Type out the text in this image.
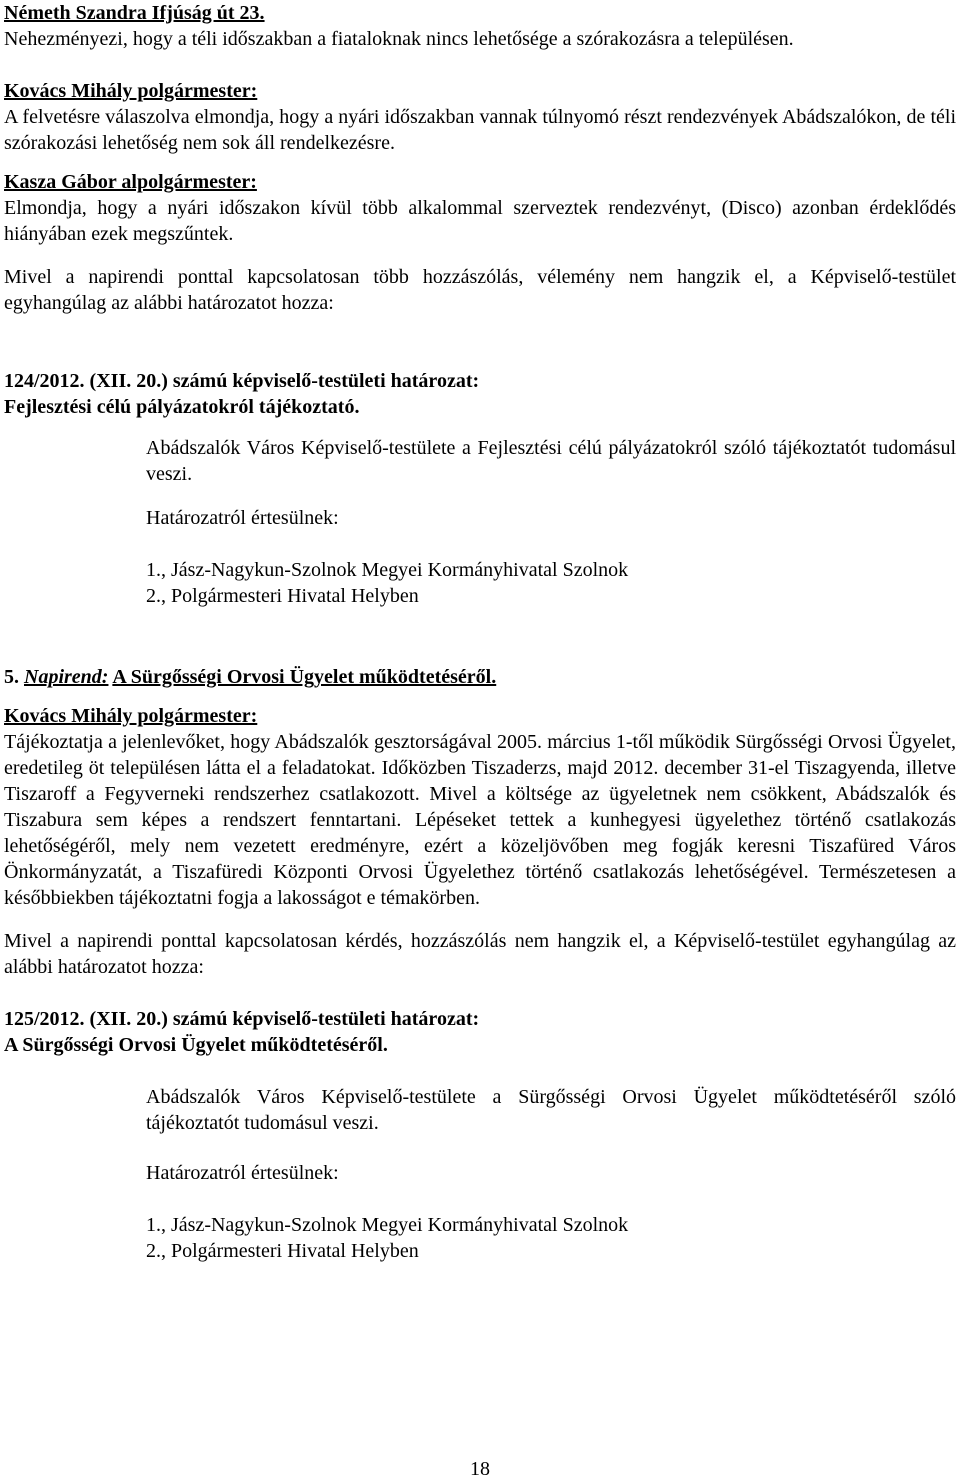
Németh Szandra Ifjúság út 23.

Nehezményezi, hogy a téli időszakban a fiataloknak nincs lehetősége a szórakozásra a településen.

Kovács Mihály polgármester:

A felvetésre válaszolva elmondja, hogy a nyári időszakban vannak túlnyomó részt rendezvények Abádszalókon, de téli szórakozási lehetőség nem sok áll rendelkezésre.

Kasza Gábor alpolgármester:

Elmondja, hogy a nyári időszakon kívül több alkalommal szerveztek rendezvényt, (Disco) azonban érdeklődés hiányában ezek megszűntek.

Mivel a napirendi ponttal kapcsolatosan több hozzászólás, vélemény nem hangzik el, a Képviselő-testület egyhangúlag az alábbi határozatot hozza:

124/2012. (XII. 20.) számú képviselő-testületi határozat:

Fejlesztési célú pályázatokról tájékoztató.

Abádszalók Város Képviselő-testülete a Fejlesztési célú pályázatokról szóló tájékoztatót tudomásul veszi.

Határozatról értesülnek:

1., Jász-Nagykun-Szolnok Megyei Kormányhivatal Szolnok

2., Polgármesteri Hivatal Helyben

5. Napirend: A Sürgősségi Orvosi Ügyelet működtetéséről.

Kovács Mihály polgármester:

Tájékoztatja a jelenlevőket, hogy Abádszalók gesztorságával 2005. március 1-től működik Sürgősségi Orvosi Ügyelet, eredetileg öt településen látta el a feladatokat. Időközben Tiszaderzs, majd 2012. december 31-el Tiszagyenda, illetve Tiszaroff a Fegyverneki rendszerhez csatlakozott. Mivel a költsége az ügyeletnek nem csökkent, Abádszalók és Tiszabura sem képes a rendszert fenntartani. Lépéseket tettek a kunhegyesi ügyelethez történő csatlakozás lehetőségéről, mely nem vezetett eredményre, ezért a közeljövőben meg fogják keresni Tiszafüred Város Önkormányzatát, a Tiszafüredi Központi Orvosi Ügyelethez történő csatlakozás lehetőségével. Természetesen a későbbiekben tájékoztatni fogja a lakosságot e témakörben.

Mivel a napirendi ponttal kapcsolatosan kérdés, hozzászólás nem hangzik el, a Képviselő-testület egyhangúlag az alábbi határozatot hozza:

125/2012. (XII. 20.) számú képviselő-testületi határozat:

A Sürgősségi Orvosi Ügyelet működtetéséről.

Abádszalók Város Képviselő-testülete a Sürgősségi Orvosi Ügyelet működtetéséről szóló tájékoztatót tudomásul veszi.

Határozatról értesülnek:

1., Jász-Nagykun-Szolnok Megyei Kormányhivatal Szolnok

2., Polgármesteri Hivatal Helyben

18
